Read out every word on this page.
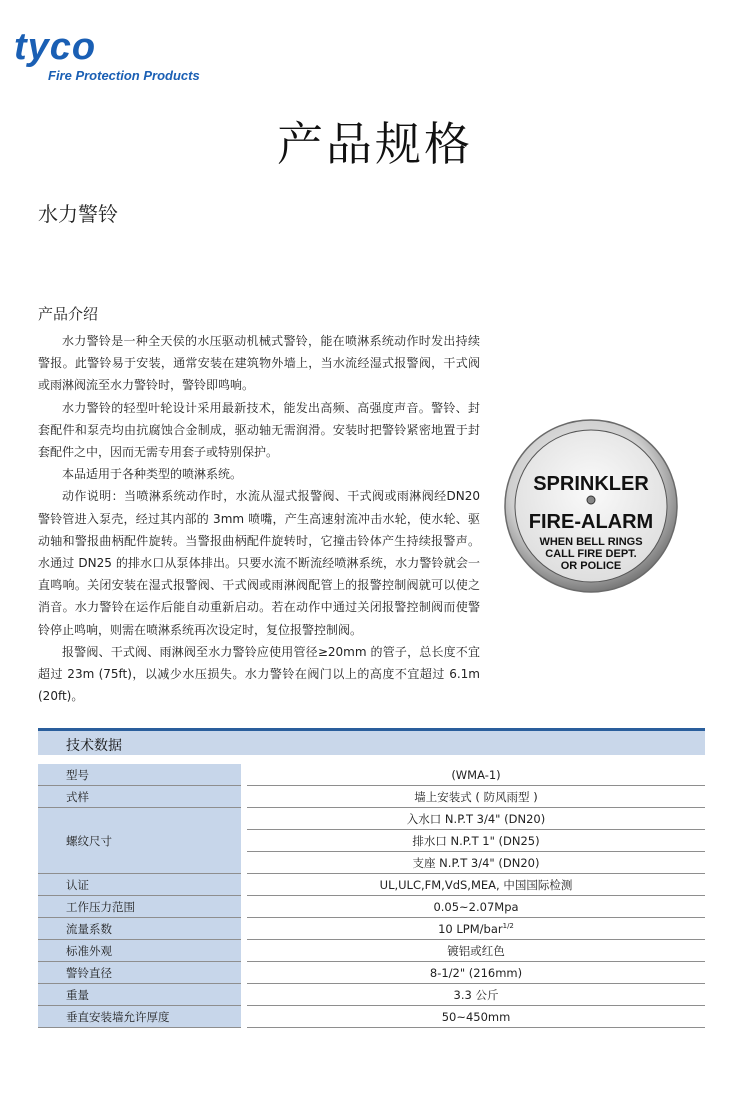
tyco
Fire Protection Products
产品规格
水力警铃
产品介绍

水力警铃是一种全天侯的水压驱动机械式警铃，能在喷淋系统动作时发出持续警报。此警铃易于安装，通常安装在建筑物外墙上，当水流经湿式报警阀，干式阀或雨淋阀流至水力警铃时，警铃即鸣响。

水力警铃的轻型叶轮设计采用最新技术，能发出高频、高强度声音。警铃、封套配件和泵壳均由抗腐蚀合金制成，驱动轴无需润滑。安装时把警铃紧密地置于封套配件之中，因而无需专用套子或特别保护。

本品适用于各种类型的喷淋系统。

动作说明：当喷淋系统动作时，水流从湿式报警阀、干式阀或雨淋阀经DN20 警铃管进入泵壳，经过其内部的 3mm 喷嘴，产生高速射流冲击水轮，使水轮、驱动轴和警报曲柄配件旋转。当警报曲柄配件旋转时，它撞击铃体产生持续报警声。水通过 DN25 的排水口从泵体排出。只要水流不断流经喷淋系统，水力警铃就会一直鸣响。关闭安装在湿式报警阀、干式阀或雨淋阀配管上的报警控制阀就可以使之消音。水力警铃在运作后能自动重新启动。若在动作中通过关闭报警控制阀而使警铃停止鸣响，则需在喷淋系统再次设定时，复位报警控制阀。

报警阀、干式阀、雨淋阀至水力警铃应使用管径≥20mm 的管子，总长度不宜超过 23m (75ft)，以减少水压损失。水力警铃在阀门以上的高度不宜超过 6.1m (20ft)。

SPRINKLER
FIRE-ALARM
WHEN BELL RINGS
CALL FIRE DEPT.
OR POLICE
技术数据
型号	(WMA-1)
式样	墙上安装式 ( 防风雨型 )
螺纹尺寸	入水口 N.P.T 3/4" (DN20)
	排水口 N.P.T 1" (DN25)
	支座 N.P.T 3/4" (DN20)
认证	UL,ULC,FM,VdS,MEA, 中国国际检测
工作压力范围	0.05~2.07Mpa
流量系数	10 LPM/bar$^{1/2}$
标准外观	镀铝或红色
警铃直径	8-1/2" (216mm)
重量	3.3 公斤
垂直安装墙允许厚度	50~450mm
